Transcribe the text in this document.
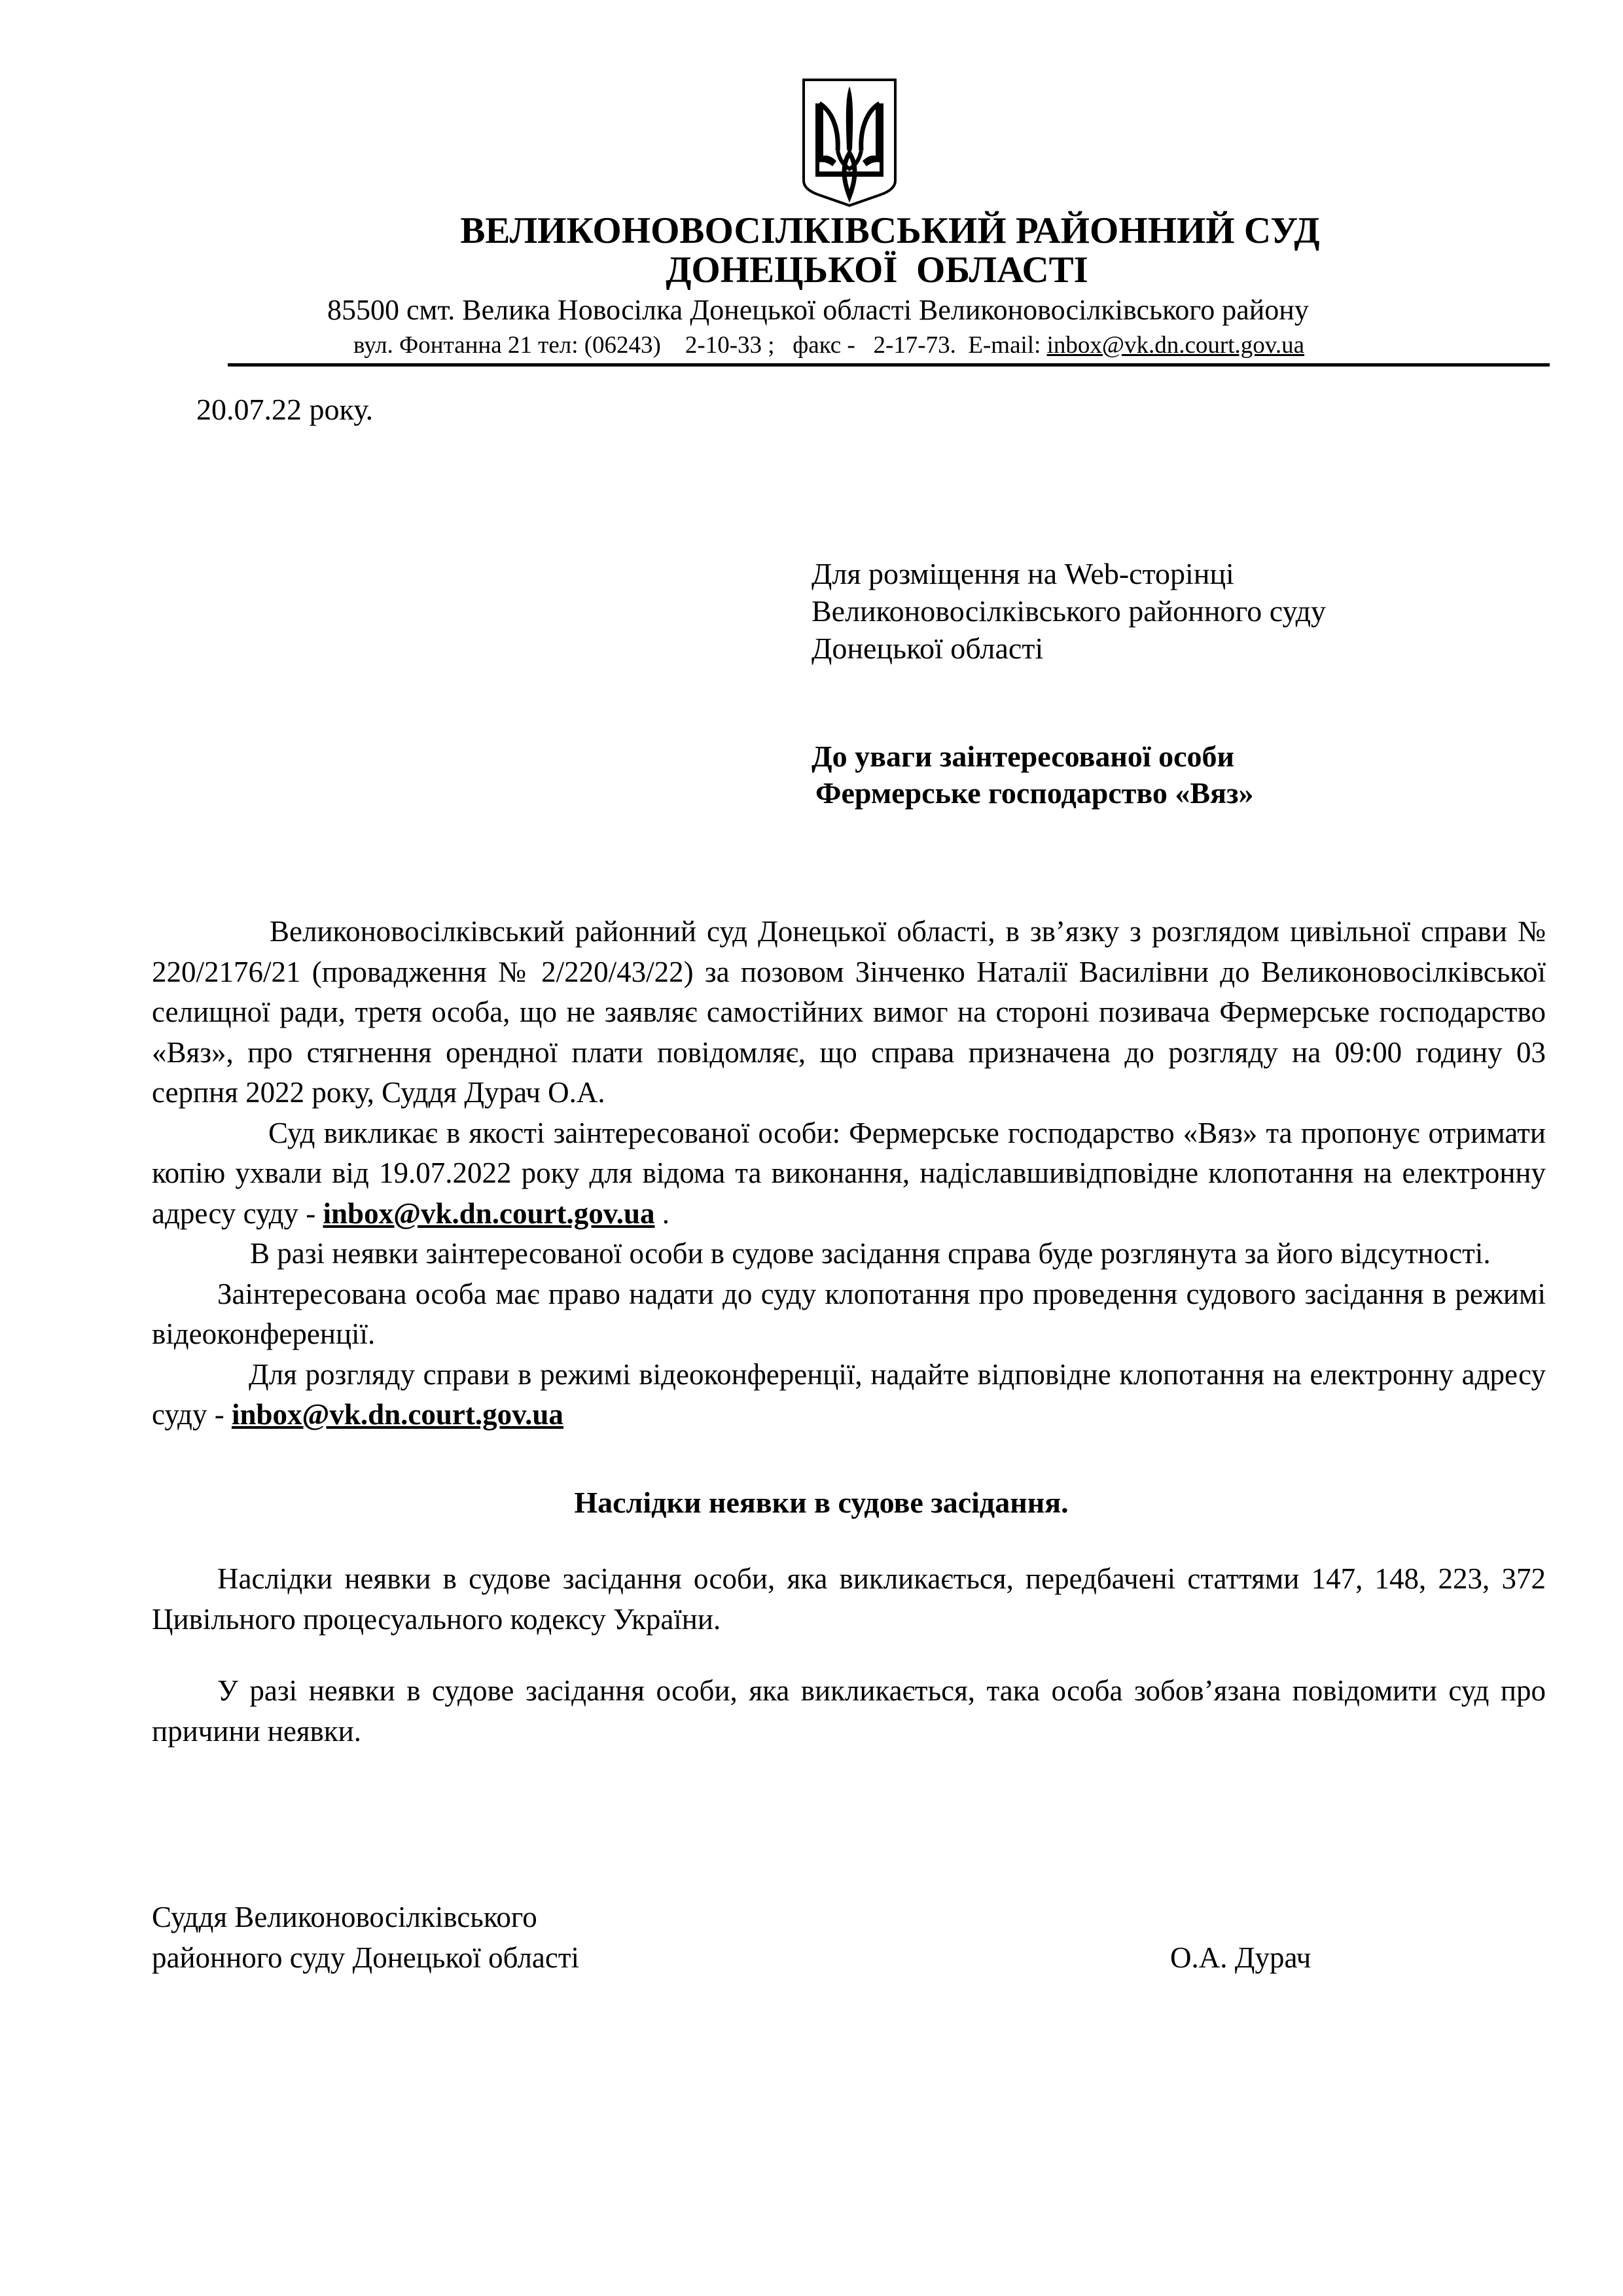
ВЕЛИКОНОВОСІЛКІВСЬКИЙ РАЙОННИЙ СУД
ДОНЕЦЬКОЇ  ОБЛАСТІ
85500 смт. Велика Новосілка Донецької області Великоновосілківського району
вул. Фонтанна 21 тел: (06243)    2-10-33 ;   факс -   2-17-73.  E-mail: inbox@vk.dn.court.gov.ua
20.07.22 року.
Для розміщення на Web-сторінці
Великоновосілківського районного суду
Донецької області
До уваги заінтересованої особи
Фермерське господарство «Вяз»

Великоновосілківський районний суд Донецької області, в зв’язку з розглядом цивільної справи № 220/2176/21 (провадження № 2/220/43/22) за позовом Зінченко Наталії Василівни до Великоновосілківської селищної ради, третя особа, що не заявляє самостійних вимог на стороні позивача Фермерське господарство «Вяз», про стягнення орендної плати повідомляє, що справа призначена до розгляду на 09:00 годину 03 серпня 2022 року, Суддя Дурач О.А.

Суд викликає в якості заінтересованої особи: Фермерське господарство «Вяз» та пропонує отримати копію ухвали від 19.07.2022 року для відома та виконання, надіславшивідповідне клопотання на електронну адресу суду - inbox@vk.dn.court.gov.ua .

В разі неявки заінтересованої особи в судове засідання справа буде розглянута за його відсутності.

Заінтересована особа має право надати до суду клопотання про проведення судового засідання в режимі відеоконференції.

Для розгляду справи в режимі відеоконференції, надайте відповідне клопотання на електронну адресу суду - inbox@vk.dn.court.gov.ua

Наслідки неявки в судове засідання.

Наслідки неявки в судове засідання особи, яка викликається, передбачені статтями 147, 148, 223, 372 Цивільного процесуального кодексу України.

У разі неявки в судове засідання особи, яка викликається, така особа зобов’язана повідомити суд про причини неявки.

Суддя Великоновосілківського
районного суду Донецької області	О.А. Дурач
